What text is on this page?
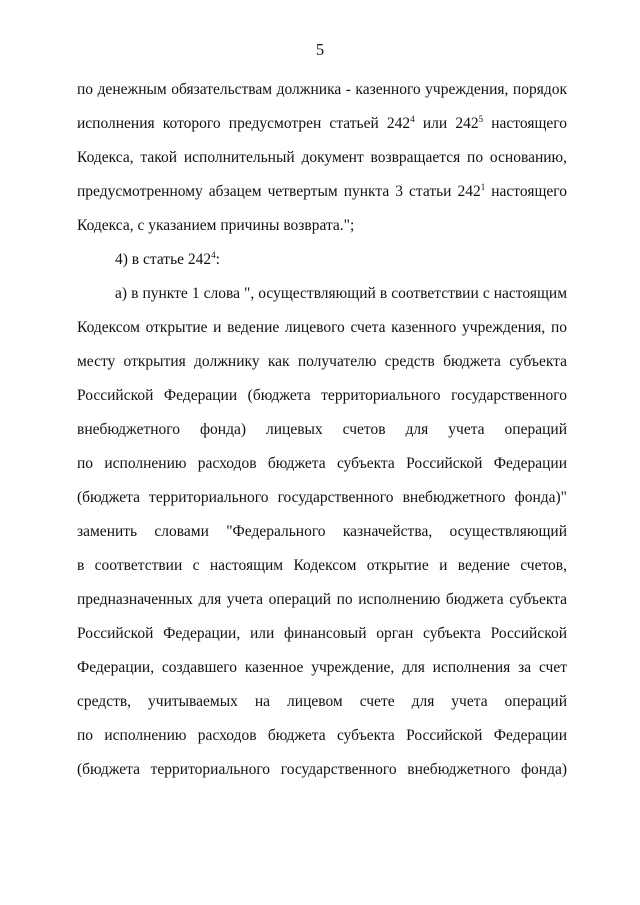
5
по денежным обязательствам должника - казенного учреждения, порядок
исполнения которого предусмотрен статьей $242^4$ или $242^5$ настоящего
Кодекса, такой исполнительный документ возвращается по основанию,
предусмотренному абзацем четвертым пункта 3 статьи $242^1$ настоящего
Кодекса, с указанием причины возврата.";
4) в статье $242^4$:
а) в пункте 1 слова ", осуществляющий в соответствии с настоящим
Кодексом открытие и ведение лицевого счета казенного учреждения, по
месту открытия должнику как получателю средств бюджета субъекта
Российской Федерации (бюджета территориального государственного
внебюджетного фонда) лицевых счетов для учета операций
по исполнению расходов бюджета субъекта Российской Федерации
(бюджета территориального государственного внебюджетного фонда)"
заменить словами "Федерального казначейства, осуществляющий
в соответствии с настоящим Кодексом открытие и ведение счетов,
предназначенных для учета операций по исполнению бюджета субъекта
Российской Федерации, или финансовый орган субъекта Российской
Федерации, создавшего казенное учреждение, для исполнения за счет
средств, учитываемых на лицевом счете для учета операций
по исполнению расходов бюджета субъекта Российской Федерации
(бюджета территориального государственного внебюджетного фонда)
